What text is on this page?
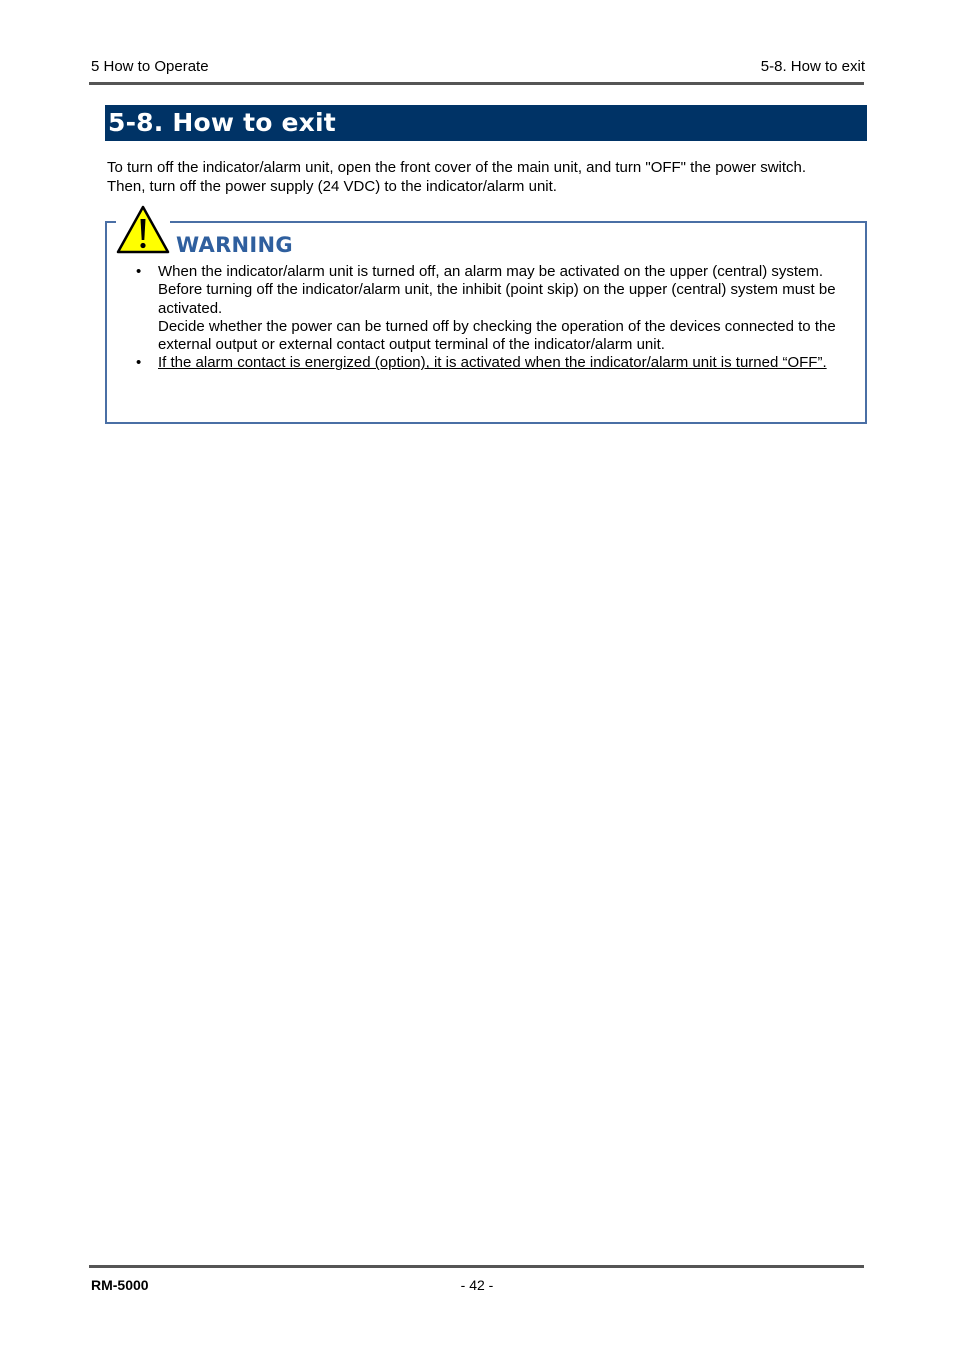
5 How to Operate	5-8. How to exit
5-8. How to exit

To turn off the indicator/alarm unit, open the front cover of the main unit, and turn "OFF" the power switch.

Then, turn off the power supply (24 VDC) to the indicator/alarm unit.

WARNING
• When the indicator/alarm unit is turned off, an alarm may be activated on the upper (central) system.

Before turning off the indicator/alarm unit, the inhibit (point skip) on the upper (central) system must be activated.

Decide whether the power can be turned off by checking the operation of the devices connected to the external output or external contact output terminal of the indicator/alarm unit.

• If the alarm contact is energized (option), it is activated when the indicator/alarm unit is turned “OFF”.

RM-5000	- 42 -
